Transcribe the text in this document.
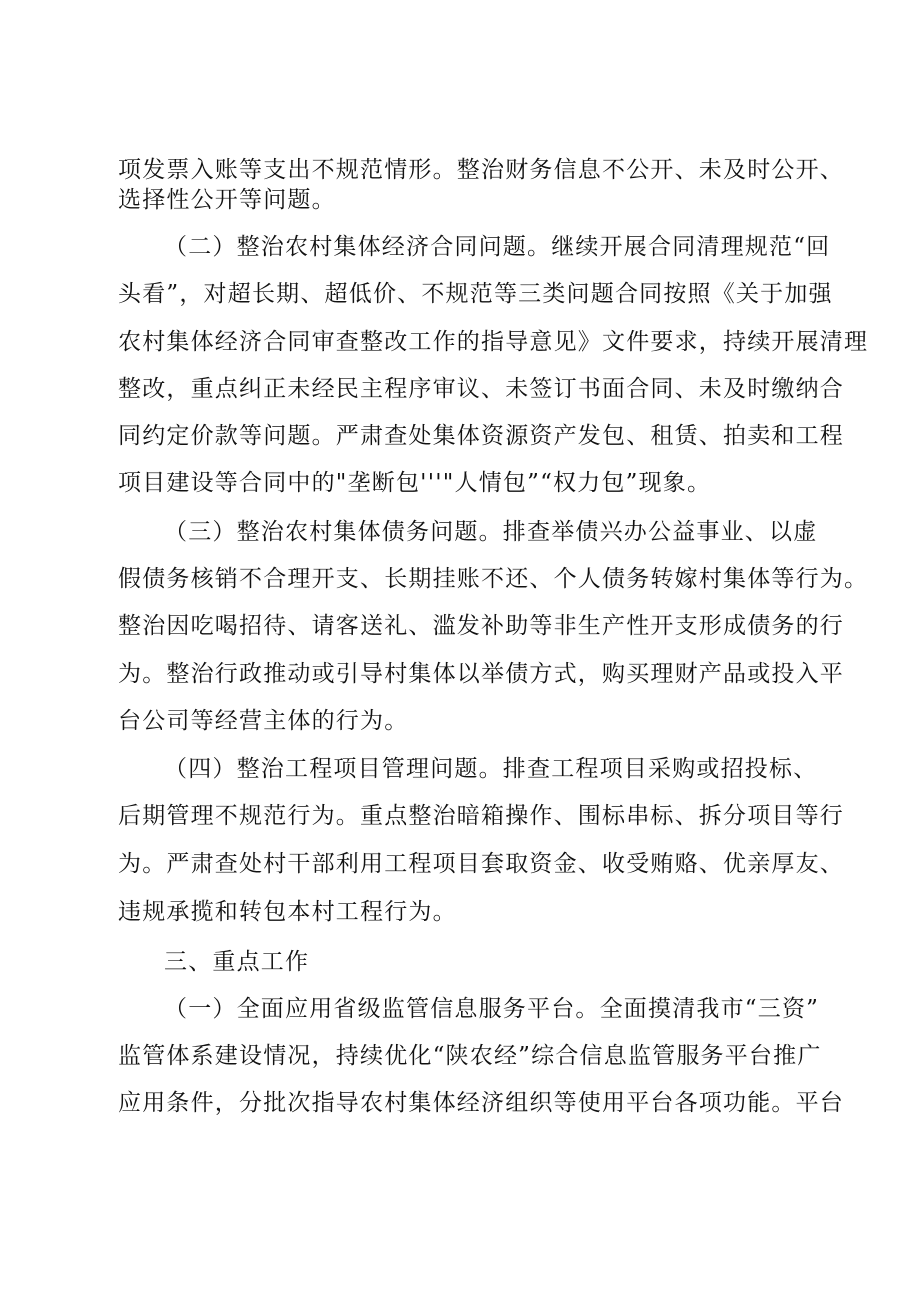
项发票入账等支出不规范情形。整治财务信息不公开、未及时公开、
选择性公开等问题。
（二）整治农村集体经济合同问题。继续开展合同清理规范“回
头看”，对超长期、超低价、不规范等三类问题合同按照《关于加强
农村集体经济合同审查整改工作的指导意见》文件要求，持续开展清理
整改，重点纠正未经民主程序审议、未签订书面合同、未及时缴纳合
同约定价款等问题。严肃查处集体资源资产发包、租赁、拍卖和工程
项目建设等合同中的"垄断包'''"人情包”“权力包”现象。
（三）整治农村集体债务问题。排查举债兴办公益事业、以虚
假债务核销不合理开支、长期挂账不还、个人债务转嫁村集体等行为。
整治因吃喝招待、请客送礼、滥发补助等非生产性开支形成债务的行
为。整治行政推动或引导村集体以举债方式，购买理财产品或投入平
台公司等经营主体的行为。
（四）整治工程项目管理问题。排查工程项目采购或招投标、
后期管理不规范行为。重点整治暗箱操作、围标串标、拆分项目等行
为。严肃查处村干部利用工程项目套取资金、收受贿赂、优亲厚友、
违规承揽和转包本村工程行为。
三、重点工作
（一）全面应用省级监管信息服务平台。全面摸清我市“三资”
监管体系建设情况，持续优化“陕农经”综合信息监管服务平台推广
应用条件，分批次指导农村集体经济组织等使用平台各项功能。平台
